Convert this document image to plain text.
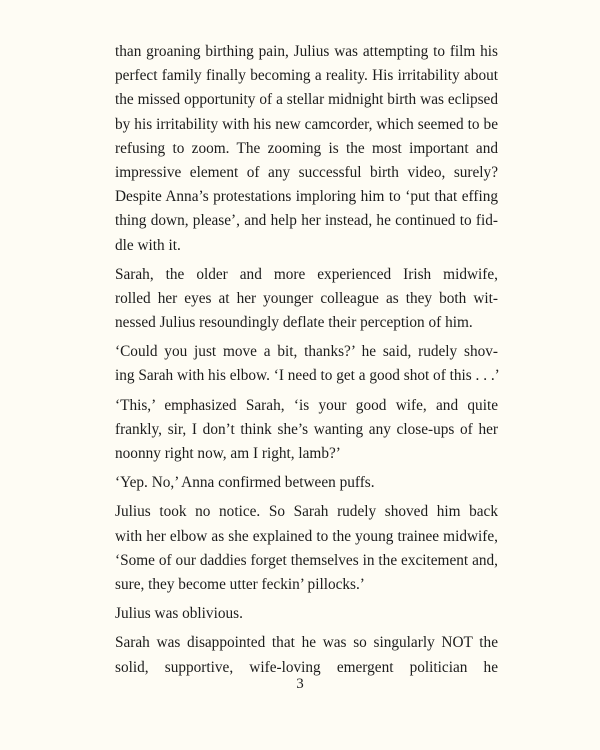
than groaning birthing pain, Julius was attempting to film his
perfect family finally becoming a reality. His irritability about
the missed opportunity of a stellar midnight birth was eclipsed
by his irritability with his new camcorder, which seemed to be
refusing to zoom. The zooming is the most important and
impressive element of any successful birth video, surely?
Despite Anna’s protestations imploring him to ‘put that effing
thing down, please’, and help her instead, he continued to fid-
dle with it.
Sarah, the older and more experienced Irish midwife,
rolled her eyes at her younger colleague as they both wit-
nessed Julius resoundingly deflate their perception of him.
‘Could you just move a bit, thanks?’ he said, rudely shov-
ing Sarah with his elbow. ‘I need to get a good shot of this . . .’
‘This,’ emphasized Sarah, ‘is your good wife, and quite
frankly, sir, I don’t think she’s wanting any close-ups of her
noonny right now, am I right, lamb?’
‘Yep. No,’ Anna confirmed between puffs.
Julius took no notice. So Sarah rudely shoved him back
with her elbow as she explained to the young trainee midwife,
‘Some of our daddies forget themselves in the excitement and,
sure, they become utter feckin’ pillocks.’
Julius was oblivious.
Sarah was disappointed that he was so singularly NOT the
solid, supportive, wife-loving emergent politician he
3
